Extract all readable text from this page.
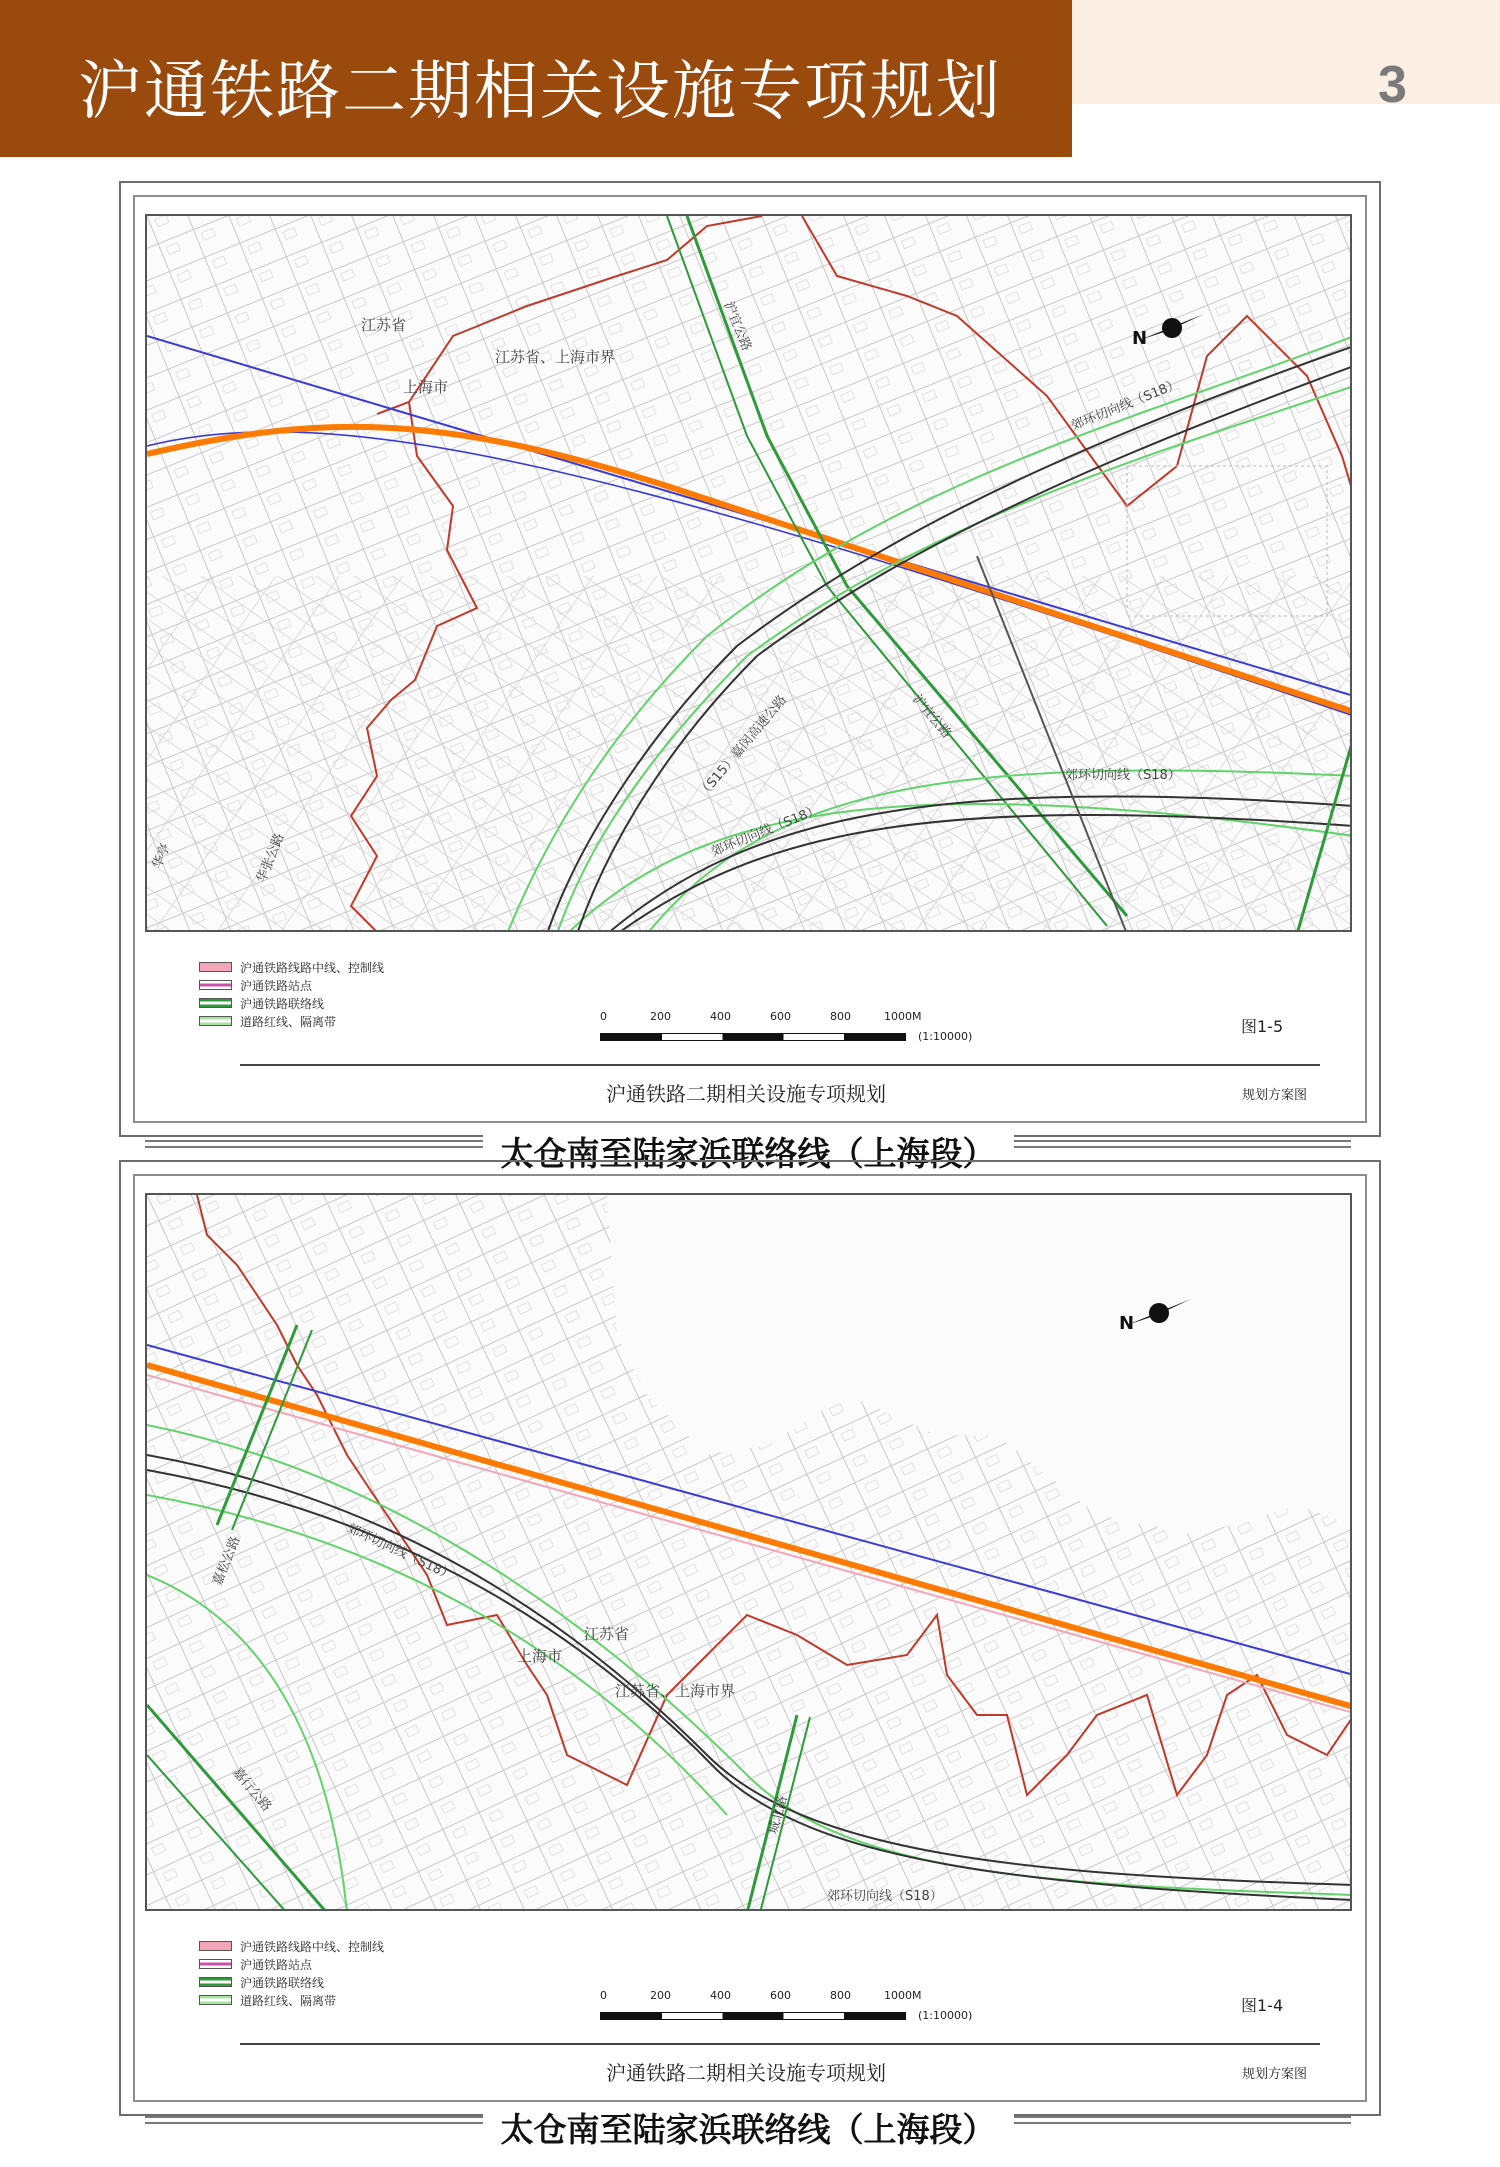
沪通铁路二期相关设施专项规划	3
江苏省
上海市
江苏省、上海市界
郊环切向线（S18）
郊环切向线（S18）
郊环切向线（S18）
沪宜公路
沪宜公路
（S15）嘉闵高速公路
华张公路
华亭
N
沪通铁路线路中线、控制线
沪通铁路站点
沪通铁路联络线
道路红线、隔离带	0	200	400	600	800	1000M
(1:10000)
图1-5
沪通铁路二期相关设施专项规划	规划方案图
太仓南至陆家浜联络线（上海段）
江苏省
上海市
江苏省、上海市界
郊环切向线（S18）
郊环切向线（S18）
嘉松公路
嘉行公路
城北路
N
沪通铁路线路中线、控制线
沪通铁路站点
沪通铁路联络线
道路红线、隔离带	0	200	400	600	800	1000M
(1:10000)
图1-4
沪通铁路二期相关设施专项规划	规划方案图
太仓南至陆家浜联络线（上海段）
